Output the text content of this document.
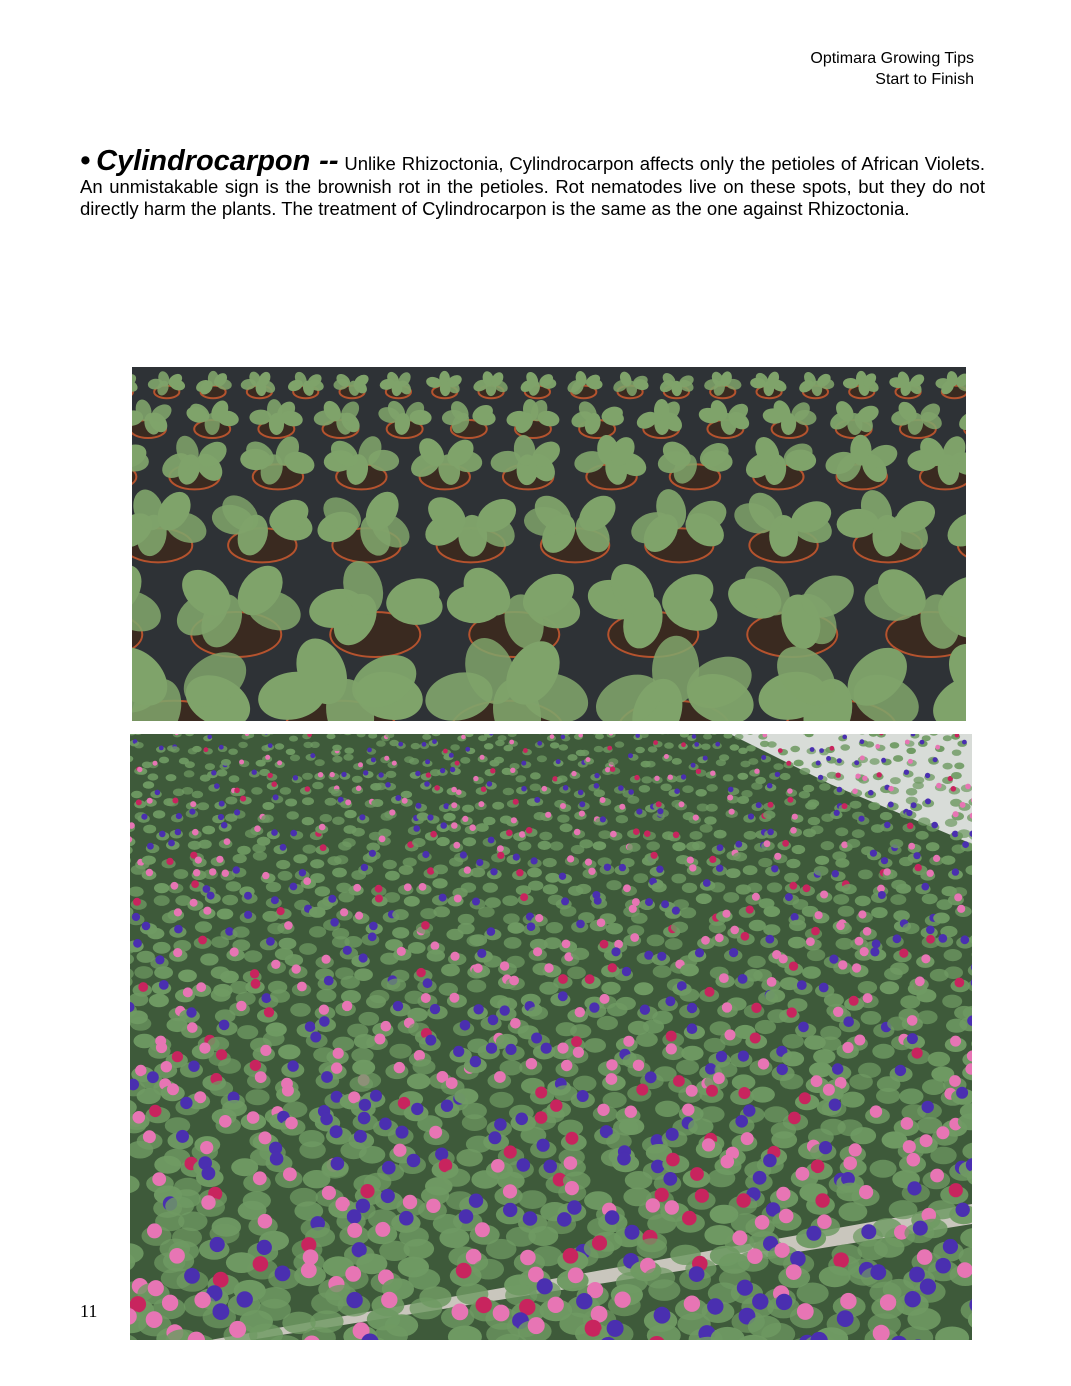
Optimara Growing Tips
Start to Finish
• Cylindrocarpon -- Unlike Rhizoctonia, Cylindrocarpon affects only the petioles of African Violets. An unmistakable sign is the brownish rot in the petioles. Rot nematodes live on these spots, but they do not directly harm the plants. The treatment of Cylindrocarpon is the same as the one against Rhizoctonia.
11
